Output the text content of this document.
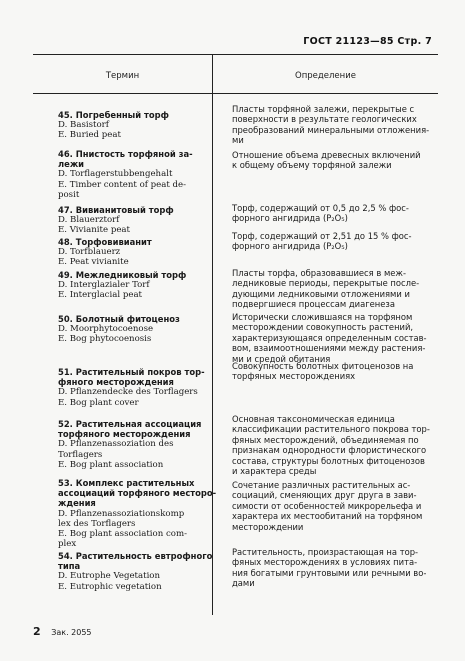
ГОСТ 21123—85 Стр. 7
Термин	Определение
45. Погребенный торф
D. Basistorf
E. Buried peat
Пласты торфяной залежи, перекрытые с
поверхности в результате геологических
преобразований минеральными отложения-
ми
46. Пнистость торфяной за-
лежи
D. Torflagerstubbengehalt
E. Timber content of peat de-
posit
Отношение объема древесных включений
к общему объему торфяной залежи
47. Вивианитовый торф
D. Blauerztorf
E. Vivianite peat
Торф, содержащий от 0,5 до 2,5 % фос-
форного ангидрида (P₂O₅)
48. Торфовивианит
D. Torfblauerz
E. Peat vivianite
Торф, содержащий от 2,51 до 15 % фос-
форного ангидрида (P₂O₅)
49. Межледниковый торф
D. Interglazialer Torf
E. Interglacial peat
Пласты торфа, образовавшиеся в меж-
ледниковые периоды, перекрытые после-
дующими ледниковыми отложениями и
подвергшиеся процессам диагенеза
50. Болотный фитоценоз
D. Moorphytocoenose
E. Bog phytocoenosis
Исторически сложившаяся на торфяном
месторождении совокупность растений,
характеризующаяся определенным состав-
вом, взаимоотношениями между растения-
ми и средой обитания
51. Растительный покров тор-
фяного месторождения
D. Pflanzendecke des Torflagers
E. Bog plant cover
Совокупность болотных фитоценозов на
торфяных месторождениях
52. Растительная ассоциация
торфяного месторождения
D. Pflanzenassoziation des
Torflagers
E. Bog plant association
Основная таксономическая единица
классификации растительного покрова тор-
фяных месторождений, объединяемая по
признакам однородности флористического
состава, структуры болотных фитоценозов
и характера среды
53. Комплекс растительных
ассоциаций торфяного месторо-
ждения
D. Pflanzenassoziationskomp
lex des Torflagers
E. Bog plant association com-
plex
Сочетание различных растительных ас-
социаций, сменяющих друг друга в зави-
симости от особенностей микрорельефа и
характера их местообитаний на торфяном
месторождении
54. Растительность евтрофного
типа
D. Eutrophe Vegetation
E. Eutrophic vegetation
Растительность, произрастающая на тор-
фяных месторождениях в условиях пита-
ния богатыми грунтовыми или речными во-
дами
2 Зак. 2055
